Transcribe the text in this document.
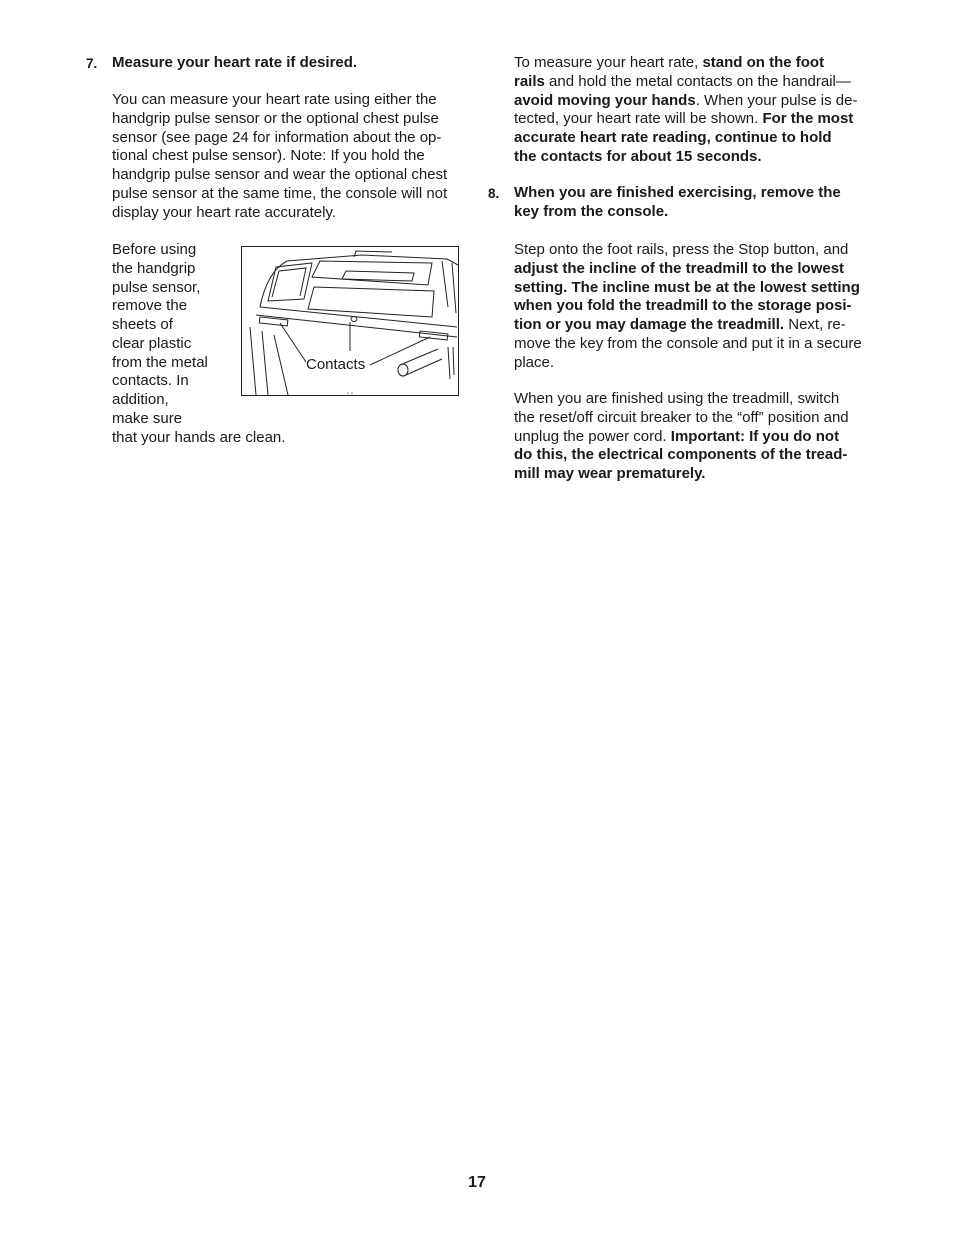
7. Measure your heart rate if desired.

You can measure your heart rate using either the
handgrip pulse sensor or the optional chest pulse
sensor (see page 24 for information about the op-
tional chest pulse sensor). Note: If you hold the
handgrip pulse sensor and wear the optional chest
pulse sensor at the same time, the console will not
display your heart rate accurately.
Before using
the handgrip
pulse sensor,
remove the
sheets of
clear plastic
from the metal
contacts. In
addition,
make sure
that your hands are clean.
Contacts
To measure your heart rate, stand on the foot
rails and hold the metal contacts on the handrail—
avoid moving your hands. When your pulse is de-
tected, your heart rate will be shown. For the most
accurate heart rate reading, continue to hold
the contacts for about 15 seconds.
8. When you are finished exercising, remove the
key from the console.
Step onto the foot rails, press the Stop button, and
adjust the incline of the treadmill to the lowest
setting. The incline must be at the lowest setting
when you fold the treadmill to the storage posi-
tion or you may damage the treadmill. Next, re-
move the key from the console and put it in a secure
place.
When you are finished using the treadmill, switch
the reset/off circuit breaker to the “off” position and
unplug the power cord. Important: If you do not
do this, the electrical components of the tread-
mill may wear prematurely.
17
